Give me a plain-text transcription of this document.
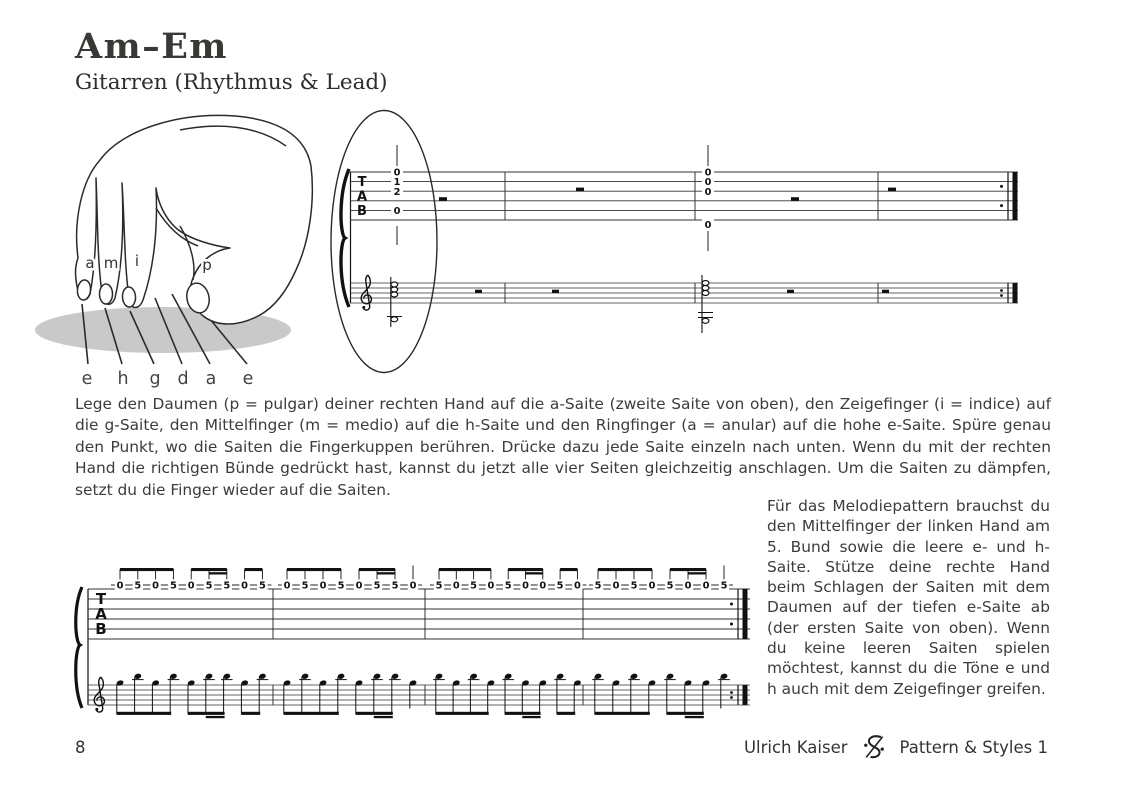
Am–Em
Gitarren (Rhythmus & Lead)
a m i	p
e h g d a e
T
A
B
0
1
2
0
0
0
0
0

Lege den Daumen (p = pulgar) deiner rechten Hand auf die a-Saite (zweite Saite von oben), den Zeigefinger (i = indice) auf die g-Saite, den Mittelfinger (m = medio) auf die h-Saite und den Ringfinger (a = anular) auf die hohe e-Saite. Spüre genau den Punkt, wo die Saiten die Fingerkuppen berühren. Drücke dazu jede Saite einzeln nach unten. Wenn du mit der rechten Hand die richtigen Bünde gedrückt hast, kannst du jetzt alle vier Seiten gleichzeitig anschlagen. Um die Saiten zu dämpfen, setzt du die Finger wieder auf die Saiten.

T
A
B
0 5 0 5 0 5 5 0 5 0 5 0 5 0 5 5 0 5 0 5 0 5 0 0 5 0 5 0 5 0 5 0 0 5

Für das Melodiepattern brauchst du den Mittelfinger der linken Hand am 5. Bund sowie die leere e- und h-Saite. Stütze deine rechte Hand beim Schlagen der Saiten mit dem Daumen auf der tiefen e-Saite ab (der ersten Saite von oben). Wenn du keine leeren Saiten spielen möchtest, kannst du die Töne e und h auch mit dem Zeigefinger greifen.

8	Ulrich Kaiser	Pattern & Styles 1
